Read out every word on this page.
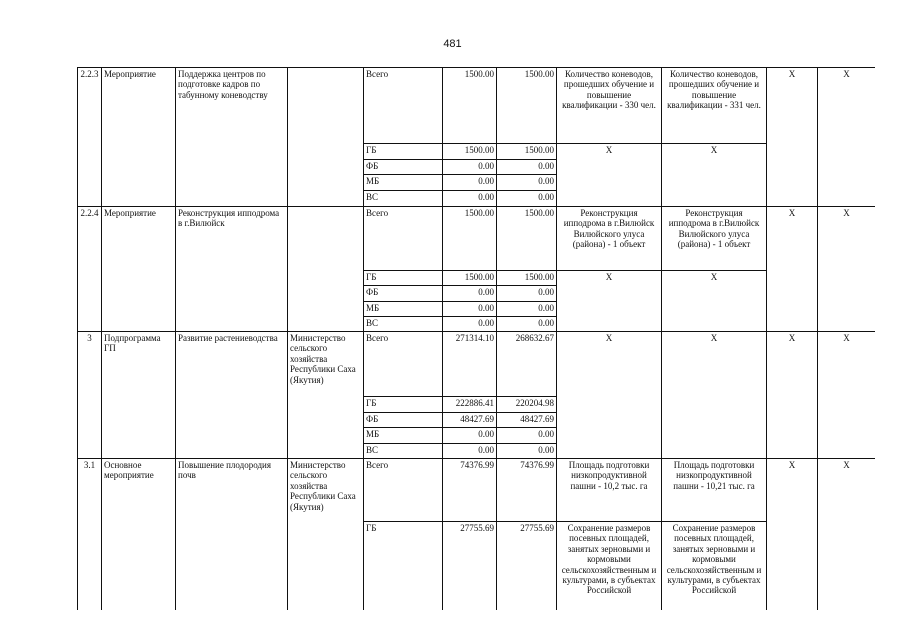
481
2.2.3	Мероприятие	Поддержка центров по подготовке кадров по табунному коневодству		Всего	1500.00	1500.00	Количество коневодов, прошедших обучение и повышение квалификации - 330 чел.	Количество коневодов, прошедших обучение и повышение квалификации - 331 чел.	X	X
				ГБ	1500.00	1500.00	X	X		
				ФБ	0.00	0.00				
				МБ	0.00	0.00				
				ВС	0.00	0.00				
2.2.4	Мероприятие	Реконструкция ипподрома в г.Вилюйск		Всего	1500.00	1500.00	Реконструкция ипподрома в г.Вилюйск Вилюйского улуса (района) - 1 объект	Реконструкция ипподрома в г.Вилюйск Вилюйского улуса (района) - 1 объект	X	X
				ГБ	1500.00	1500.00	X	X		
				ФБ	0.00	0.00				
				МБ	0.00	0.00				
				ВС	0.00	0.00				
3	Подпрограмма ГП	Развитие растениеводства	Министерство сельского хозяйства Республики Саха (Якутия)	Всего	271314.10	268632.67	X	X	X	X
				ГБ	222886.41	220204.98				
				ФБ	48427.69	48427.69				
				МБ	0.00	0.00				
				ВС	0.00	0.00				
3.1	Основное мероприятие	Повышение плодородия почв	Министерство сельского хозяйства Республики Саха (Якутия)	Всего	74376.99	74376.99	Площадь подготовки низкопродуктивной пашни - 10,2 тыс. га	Площадь подготовки низкопродуктивной пашни - 10,21 тыс. га	X	X
				ГБ	27755.69	27755.69	Сохранение размеров посевных площадей, занятых зерновыми и кормовыми сельскохозяйственным и культурами, в субъектах Российской	Сохранение размеров посевных площадей, занятых зерновыми и кормовыми сельскохозяйственным и культурами, в субъектах Российской		
